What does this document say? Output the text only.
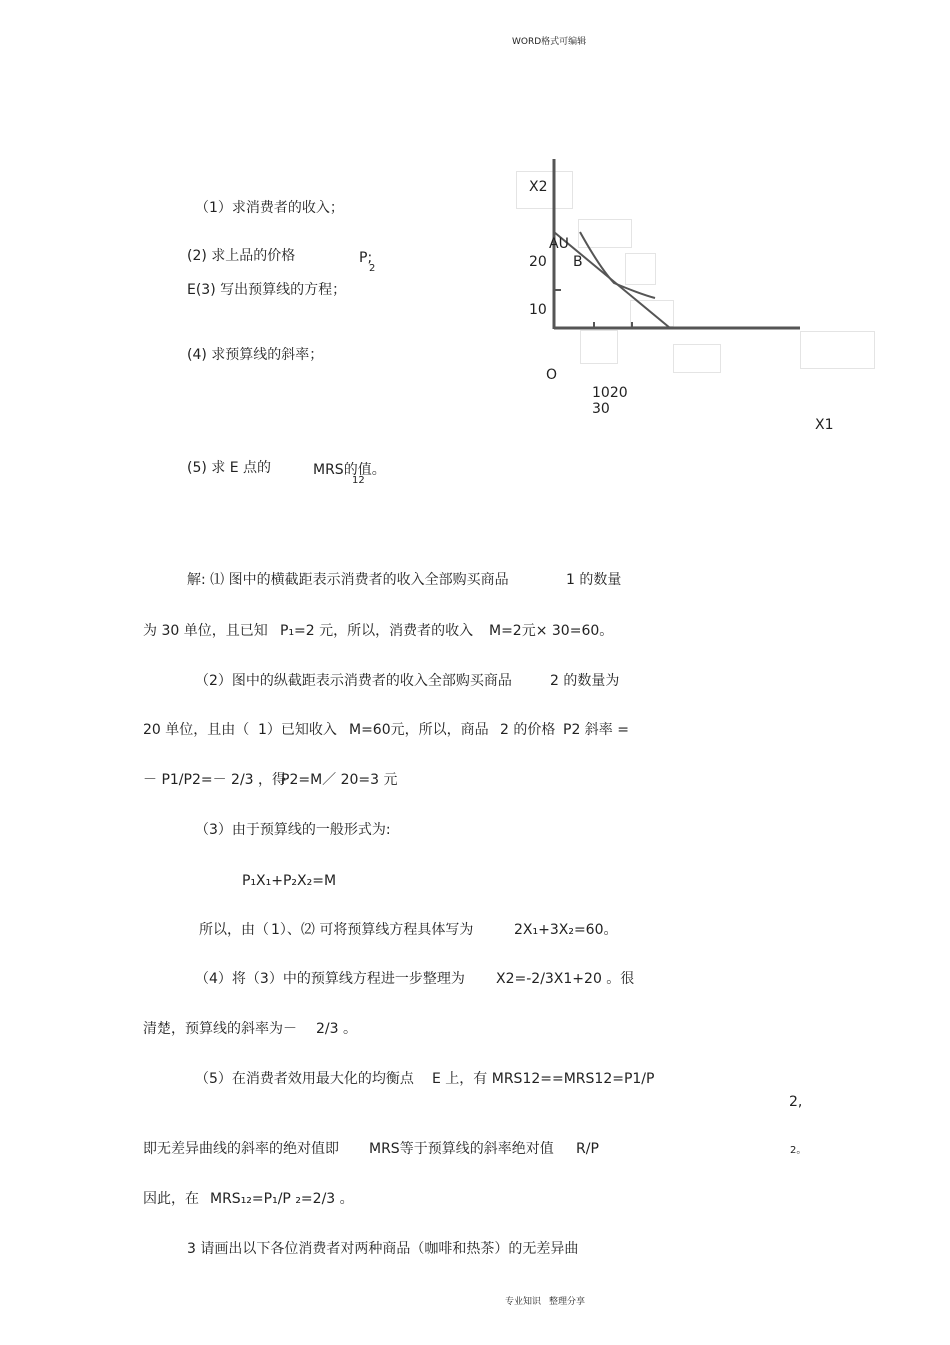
WORD格式可编辑
专业知识 整理分享
（1）求消费者的收入；
(2) 求上品的价格	P;
2
E(3) 写出预算线的方程；
(4) 求预算线的斜率；
(5) 求 E 点的	MRS的值。
12
X2
AU
20 B
10
O
1020
30
X1
解: ⑴ 图中的横截距表示消费者的收入全部购买商品	1 的数量
为 30 单位，且已知 P₁=2 元，所以，消费者的收入 M=2元× 30=60。
（2）图中的纵截距表示消费者的收入全部购买商品	2 的数量为
20 单位，且由（ 1）已知收入 M=60元，所以，商品 2 的价格 P2 斜率 =
－ P1/P2=－ 2/3 ，得
P2=M／ 20=3 元
（3）由于预算线的一般形式为:
P₁X₁+P₂X₂=M
所以，由（ 1）、⑵ 可将预算线方程具体写为	2X₁+3X₂=60。
（4）将（3）中的预算线方程进一步整理为 X2=-2/3X1+20 。很
清楚，预算线的斜率为－ 2/3 。
（5）在消费者效用最大化的均衡点 E 上，有 MRS12==MRS12=P1/P
2,
即无差异曲线的斜率的绝对值即 MRS等于预算线的斜率绝对值 R/P	2。
因此，在 MRS₁₂=P₁/P ₂=2/3 。
3 请画出以下各位消费者对两种商品（咖啡和热茶）的无差异曲
